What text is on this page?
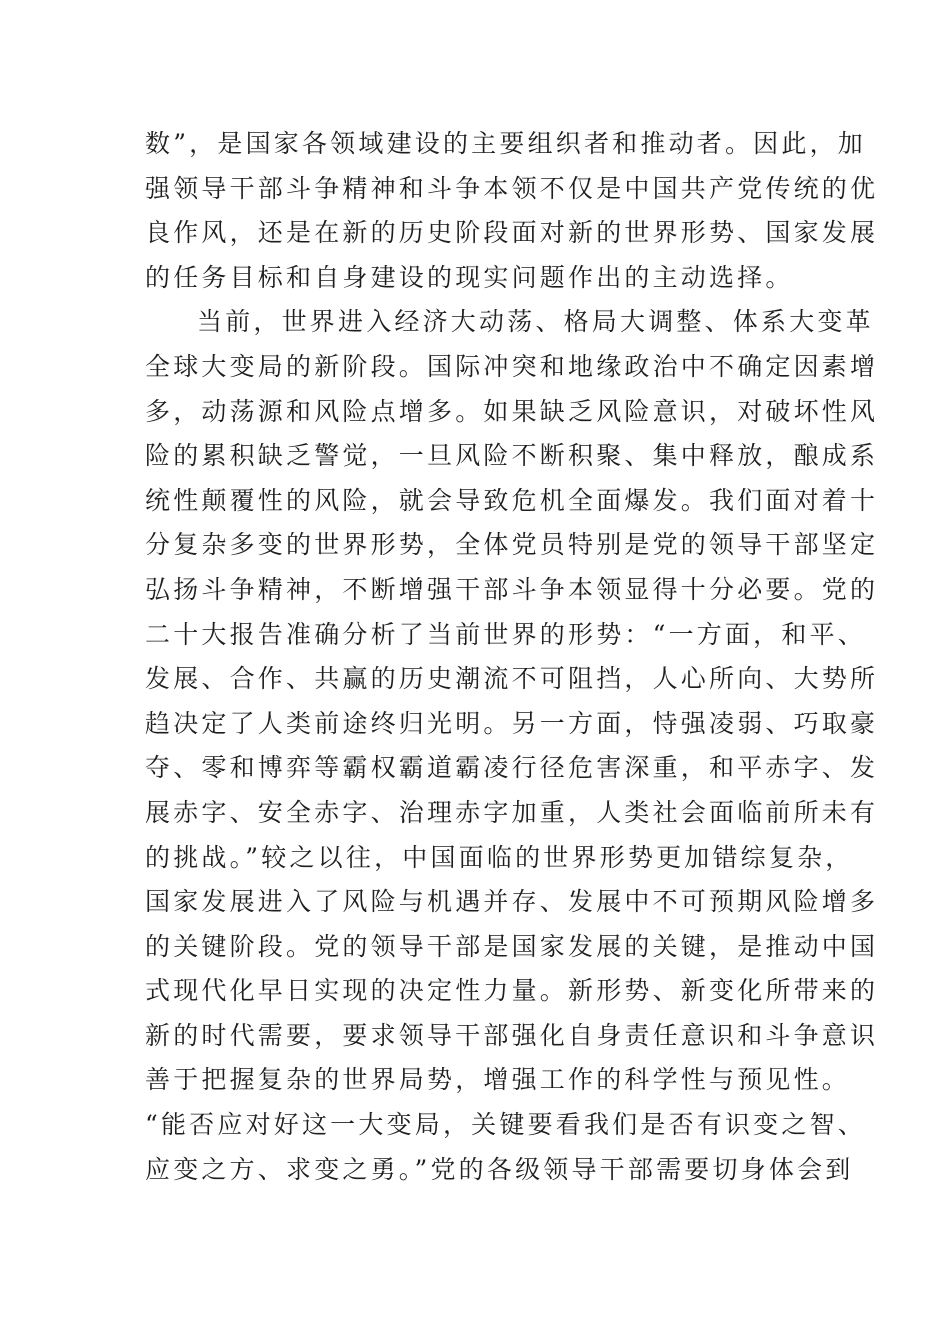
数”，是国家各领域建设的主要组织者和推动者。因此，加
强领导干部斗争精神和斗争本领不仅是中国共产党传统的优
良作风，还是在新的历史阶段面对新的世界形势、国家发展
的任务目标和自身建设的现实问题作出的主动选择。
当前，世界进入经济大动荡、格局大调整、体系大变革
全球大变局的新阶段。国际冲突和地缘政治中不确定因素增
多，动荡源和风险点增多。如果缺乏风险意识，对破坏性风
险的累积缺乏警觉，一旦风险不断积聚、集中释放，酿成系
统性颠覆性的风险，就会导致危机全面爆发。我们面对着十
分复杂多变的世界形势，全体党员特别是党的领导干部坚定
弘扬斗争精神，不断增强干部斗争本领显得十分必要。党的
二十大报告准确分析了当前世界的形势：“一方面，和平、
发展、合作、共赢的历史潮流不可阻挡，人心所向、大势所
趋决定了人类前途终归光明。另一方面，恃强凌弱、巧取豪
夺、零和博弈等霸权霸道霸凌行径危害深重，和平赤字、发
展赤字、安全赤字、治理赤字加重，人类社会面临前所未有
的挑战。”较之以往，中国面临的世界形势更加错综复杂，
国家发展进入了风险与机遇并存、发展中不可预期风险增多
的关键阶段。党的领导干部是国家发展的关键，是推动中国
式现代化早日实现的决定性力量。新形势、新变化所带来的
新的时代需要，要求领导干部强化自身责任意识和斗争意识
善于把握复杂的世界局势，增强工作的科学性与预见性。
“能否应对好这一大变局，关键要看我们是否有识变之智、
应变之方、求变之勇。”党的各级领导干部需要切身体会到
